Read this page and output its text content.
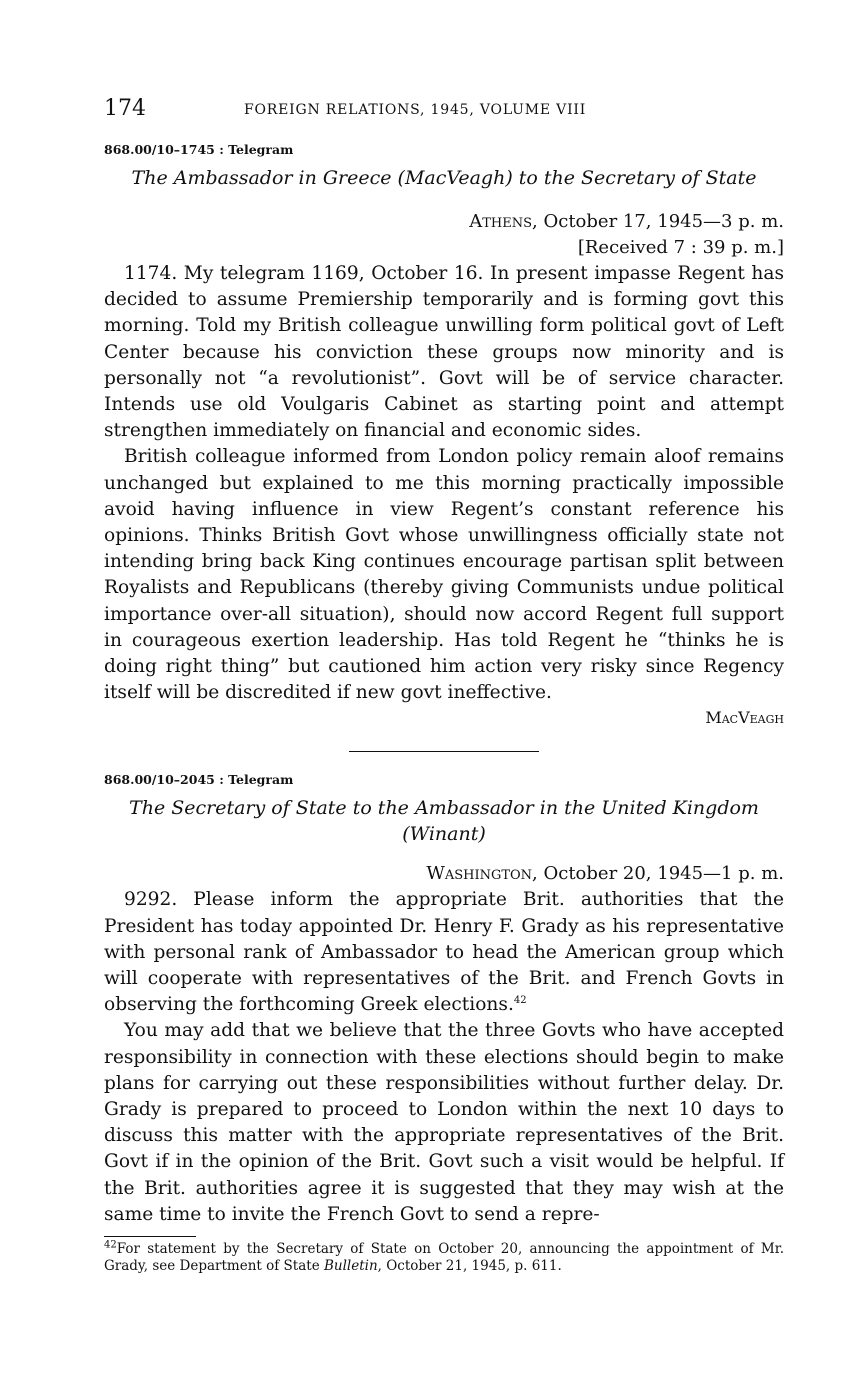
174	FOREIGN RELATIONS, 1945, VOLUME VIII
868.00/10–1745 : Telegram
The Ambassador in Greece (MacVeagh) to the Secretary of State
Athens, October 17, 1945—3 p. m.
[Received 7 : 39 p. m.]

1174. My telegram 1169, October 16. In present impasse Regent has decided to assume Premiership temporarily and is forming govt this morning. Told my British colleague unwilling form political govt of Left Center because his conviction these groups now minority and is personally not “a revolutionist”. Govt will be of service character. Intends use old Voulgaris Cabinet as starting point and attempt strengthen immediately on financial and economic sides.

British colleague informed from London policy remain aloof remains unchanged but explained to me this morning practically impossible avoid having influence in view Regent’s constant reference his opinions. Thinks British Govt whose unwillingness officially state not intending bring back King continues encourage partisan split between Royalists and Republicans (thereby giving Communists undue political importance over-all situation), should now accord Regent full support in courageous exertion leadership. Has told Regent he “thinks he is doing right thing” but cautioned him action very risky since Regency itself will be discredited if new govt ineffective.

MacVeagh
868.00/10–2045 : Telegram
The Secretary of State to the Ambassador in the United Kingdom
(Winant)
Washington, October 20, 1945—1 p. m.

9292. Please inform the appropriate Brit. authorities that the President has today appointed Dr. Henry F. Grady as his representative with personal rank of Ambassador to head the American group which will cooperate with representatives of the Brit. and French Govts in observing the forthcoming Greek elections.$^{42}$

You may add that we believe that the three Govts who have accepted responsibility in connection with these elections should begin to make plans for carrying out these responsibilities without further delay. Dr. Grady is prepared to proceed to London within the next 10 days to discuss this matter with the appropriate representatives of the Brit. Govt if in the opinion of the Brit. Govt such a visit would be helpful. If the Brit. authorities agree it is suggested that they may wish at the same time to invite the French Govt to send a repre-

$^{42}$For statement by the Secretary of State on October 20, announcing the appointment of Mr. Grady, see Department of State Bulletin, October 21, 1945, p. 611.
